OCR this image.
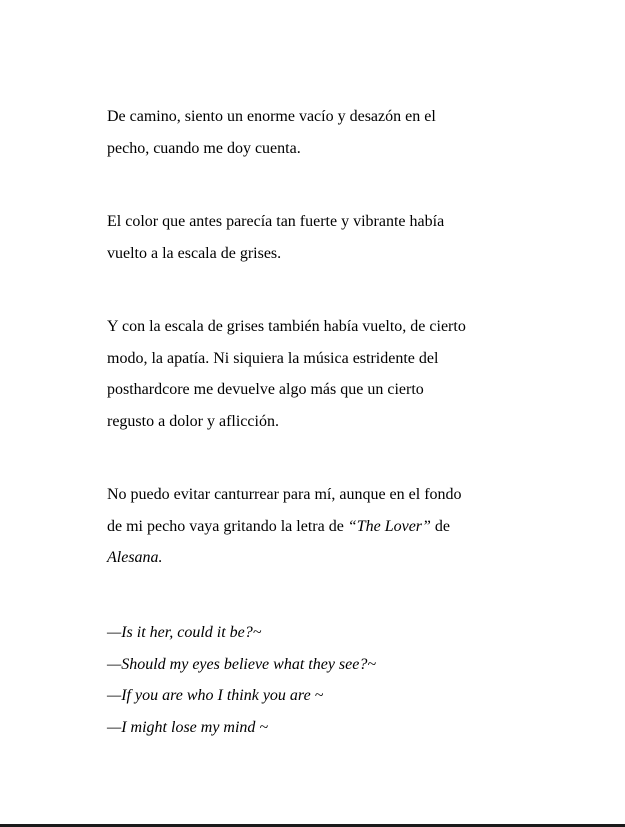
De camino, siento un enorme vacío y desazón en el
pecho, cuando me doy cuenta.

El color que antes parecía tan fuerte y vibrante había
vuelto a la escala de grises.

Y con la escala de grises también había vuelto, de cierto
modo, la apatía. Ni siquiera la música estridente del
posthardcore me devuelve algo más que un cierto
regusto a dolor y aflicción.

No puedo evitar canturrear para mí, aunque en el fondo
de mi pecho vaya gritando la letra de “The Lover” de
Alesana.

—Is it her, could it be?~
—Should my eyes believe what they see?~
—If you are who I think you are ~
—I might lose my mind ~
